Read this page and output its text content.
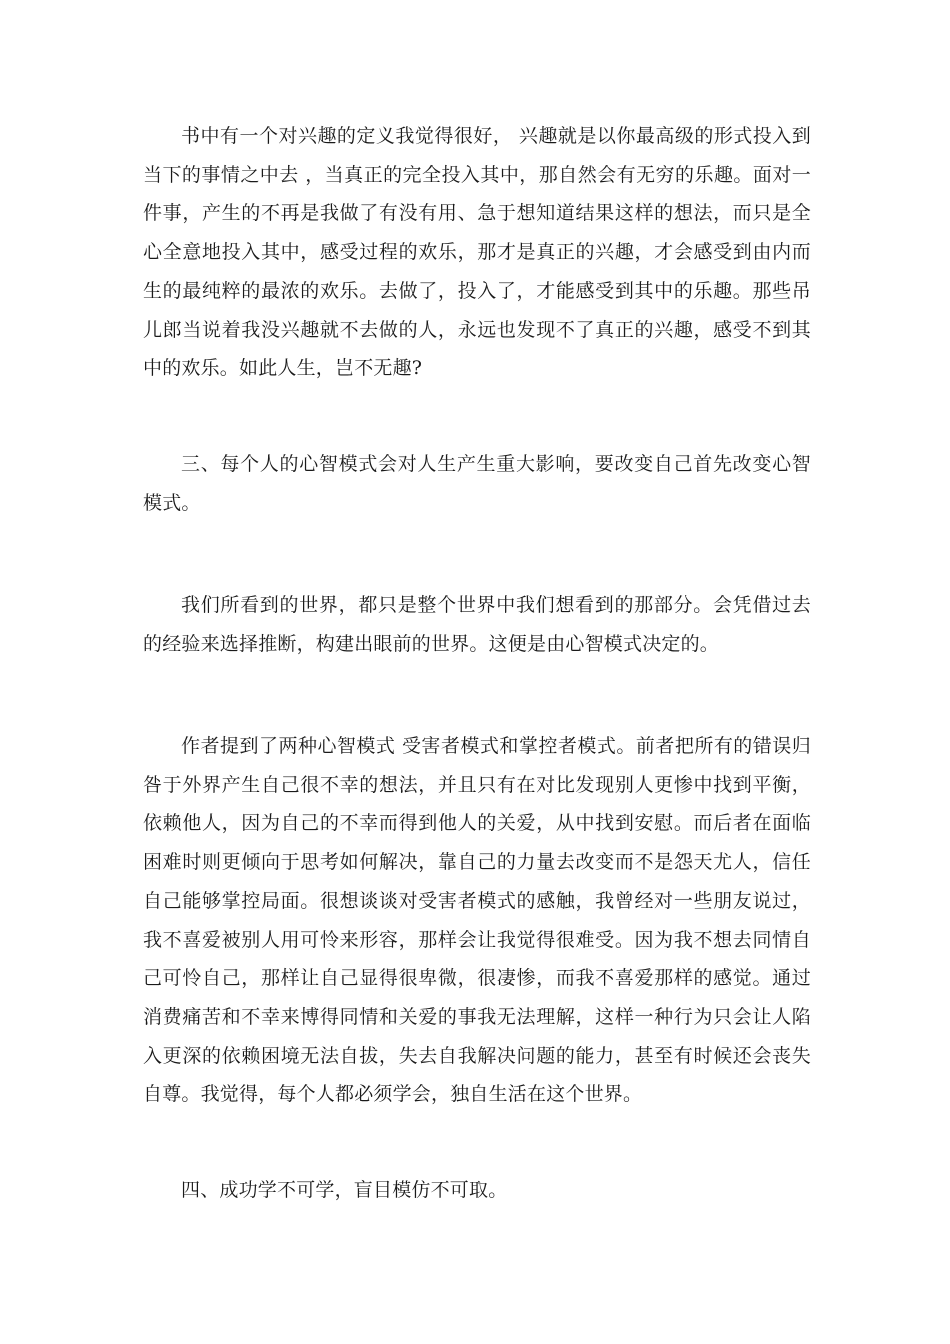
书中有一个对兴趣的定义我觉得很好， 兴趣就是以你最高级的形式投入到当下的事情之中去 ，当真正的完全投入其中，那自然会有无穷的乐趣。面对一件事，产生的不再是我做了有没有用、急于想知道结果这样的想法，而只是全心全意地投入其中，感受过程的欢乐，那才是真正的兴趣，才会感受到由内而生的最纯粹的最浓的欢乐。去做了，投入了，才能感受到其中的乐趣。那些吊儿郎当说着我没兴趣就不去做的人，永远也发现不了真正的兴趣，感受不到其中的欢乐。如此人生，岂不无趣?

三、每个人的心智模式会对人生产生重大影响，要改变自己首先改变心智模式。

我们所看到的世界，都只是整个世界中我们想看到的那部分。会凭借过去的经验来选择推断，构建出眼前的世界。这便是由心智模式决定的。

作者提到了两种心智模式 受害者模式和掌控者模式。前者把所有的错误归咎于外界产生自己很不幸的想法，并且只有在对比发现别人更惨中找到平衡，依赖他人，因为自己的不幸而得到他人的关爱，从中找到安慰。而后者在面临困难时则更倾向于思考如何解决，靠自己的力量去改变而不是怨天尤人，信任自己能够掌控局面。很想谈谈对受害者模式的感触，我曾经对一些朋友说过，我不喜爱被别人用可怜来形容，那样会让我觉得很难受。因为我不想去同情自己可怜自己，那样让自己显得很卑微，很凄惨，而我不喜爱那样的感觉。通过消费痛苦和不幸来博得同情和关爱的事我无法理解，这样一种行为只会让人陷入更深的依赖困境无法自拔，失去自我解决问题的能力，甚至有时候还会丧失自尊。我觉得，每个人都必须学会，独自生活在这个世界。

四、成功学不可学，盲目模仿不可取。
